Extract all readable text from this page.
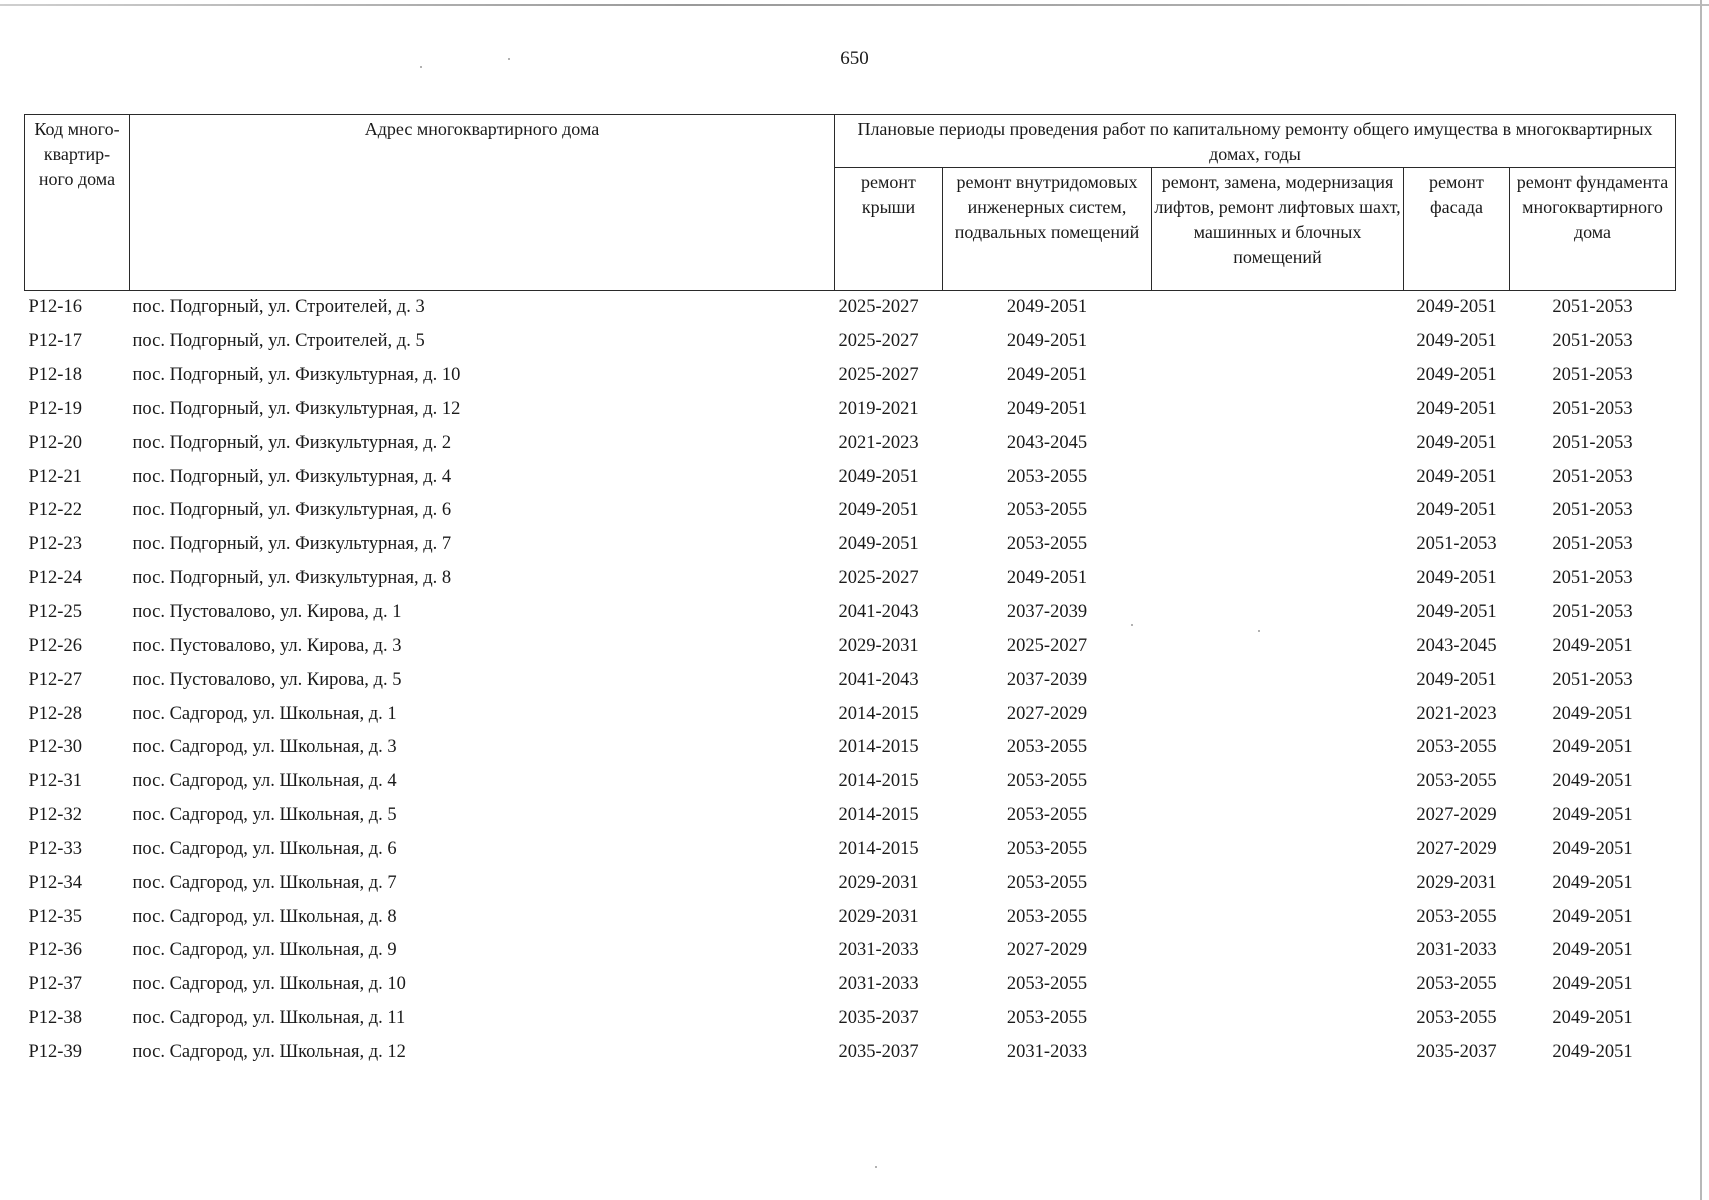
650
Код много-квартир-ного дома	Адрес многоквартирного дома	Плановые периоды проведения работ по капитальному ремонту общего имущества в многоквартирных домах, годы				
		ремонт крыши	ремонт внутридомовых инженерных систем, подвальных помещений	ремонт, замена, модернизация лифтов, ремонт лифтовых шахт, машинных и блочных помещений	ремонт фасада	ремонт фундамента многоквартирного дома
P12-16	пос. Подгорный, ул. Строителей, д. 3	2025-2027	2049-2051		2049-2051	2051-2053
P12-17	пос. Подгорный, ул. Строителей, д. 5	2025-2027	2049-2051		2049-2051	2051-2053
P12-18	пос. Подгорный, ул. Физкультурная, д. 10	2025-2027	2049-2051		2049-2051	2051-2053
P12-19	пос. Подгорный, ул. Физкультурная, д. 12	2019-2021	2049-2051		2049-2051	2051-2053
P12-20	пос. Подгорный, ул. Физкультурная, д. 2	2021-2023	2043-2045		2049-2051	2051-2053
P12-21	пос. Подгорный, ул. Физкультурная, д. 4	2049-2051	2053-2055		2049-2051	2051-2053
P12-22	пос. Подгорный, ул. Физкультурная, д. 6	2049-2051	2053-2055		2049-2051	2051-2053
P12-23	пос. Подгорный, ул. Физкультурная, д. 7	2049-2051	2053-2055		2051-2053	2051-2053
P12-24	пос. Подгорный, ул. Физкультурная, д. 8	2025-2027	2049-2051		2049-2051	2051-2053
P12-25	пос. Пустовалово, ул. Кирова, д. 1	2041-2043	2037-2039		2049-2051	2051-2053
P12-26	пос. Пустовалово, ул. Кирова, д. 3	2029-2031	2025-2027		2043-2045	2049-2051
P12-27	пос. Пустовалово, ул. Кирова, д. 5	2041-2043	2037-2039		2049-2051	2051-2053
P12-28	пос. Садгород, ул. Школьная, д. 1	2014-2015	2027-2029		2021-2023	2049-2051
P12-30	пос. Садгород, ул. Школьная, д. 3	2014-2015	2053-2055		2053-2055	2049-2051
P12-31	пос. Садгород, ул. Школьная, д. 4	2014-2015	2053-2055		2053-2055	2049-2051
P12-32	пос. Садгород, ул. Школьная, д. 5	2014-2015	2053-2055		2027-2029	2049-2051
P12-33	пос. Садгород, ул. Школьная, д. 6	2014-2015	2053-2055		2027-2029	2049-2051
P12-34	пос. Садгород, ул. Школьная, д. 7	2029-2031	2053-2055		2029-2031	2049-2051
P12-35	пос. Садгород, ул. Школьная, д. 8	2029-2031	2053-2055		2053-2055	2049-2051
P12-36	пос. Садгород, ул. Школьная, д. 9	2031-2033	2027-2029		2031-2033	2049-2051
P12-37	пос. Садгород, ул. Школьная, д. 10	2031-2033	2053-2055		2053-2055	2049-2051
P12-38	пос. Садгород, ул. Школьная, д. 11	2035-2037	2053-2055		2053-2055	2049-2051
P12-39	пос. Садгород, ул. Школьная, д. 12	2035-2037	2031-2033		2035-2037	2049-2051
